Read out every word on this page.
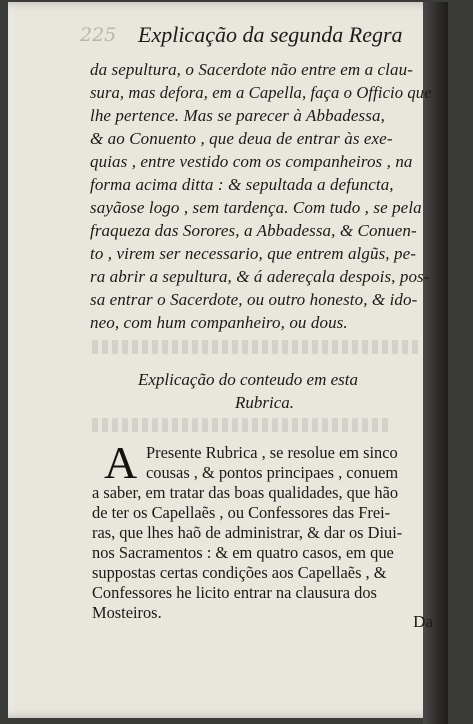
225 Explicação da segunda Regra
da sepultura, o Sacerdote não entre em a clau-
sura, mas defora, em a Capella, faça o Officio que
lhe pertence. Mas se parecer à Abbadessa,
& ao Conuento , que deua de entrar às exe-
quias , entre vestido com os companheiros , na
forma acima ditta : & sepultada a defuncta,
sayãose logo , sem tardença. Com tudo , se pela
fraqueza das Sorores, a Abbadessa, & Conuen-
to , virem ser necessario, que entrem algũs, pe-
ra abrir a sepultura, & á adereçala despois, pos-
sa entrar o Sacerdote, ou outro honesto, & ido-
neo, com hum companheiro, ou dous.
Explicação do conteudo em esta
Rubrica.
A Presente Rubrica , se resolue em sinco
cousas , & pontos principaes , conuem
a saber, em tratar das boas qualidades, que hão
de ter os Capellaẽs , ou Confessores das Frei-
ras, que lhes haõ de administrar, & dar os Diui-
nos Sacramentos : & em quatro casos, em que
suppostas certas condições aos Capellaẽs , &
Confessores he licito entrar na clausura dos
Mosteiros.	Da
